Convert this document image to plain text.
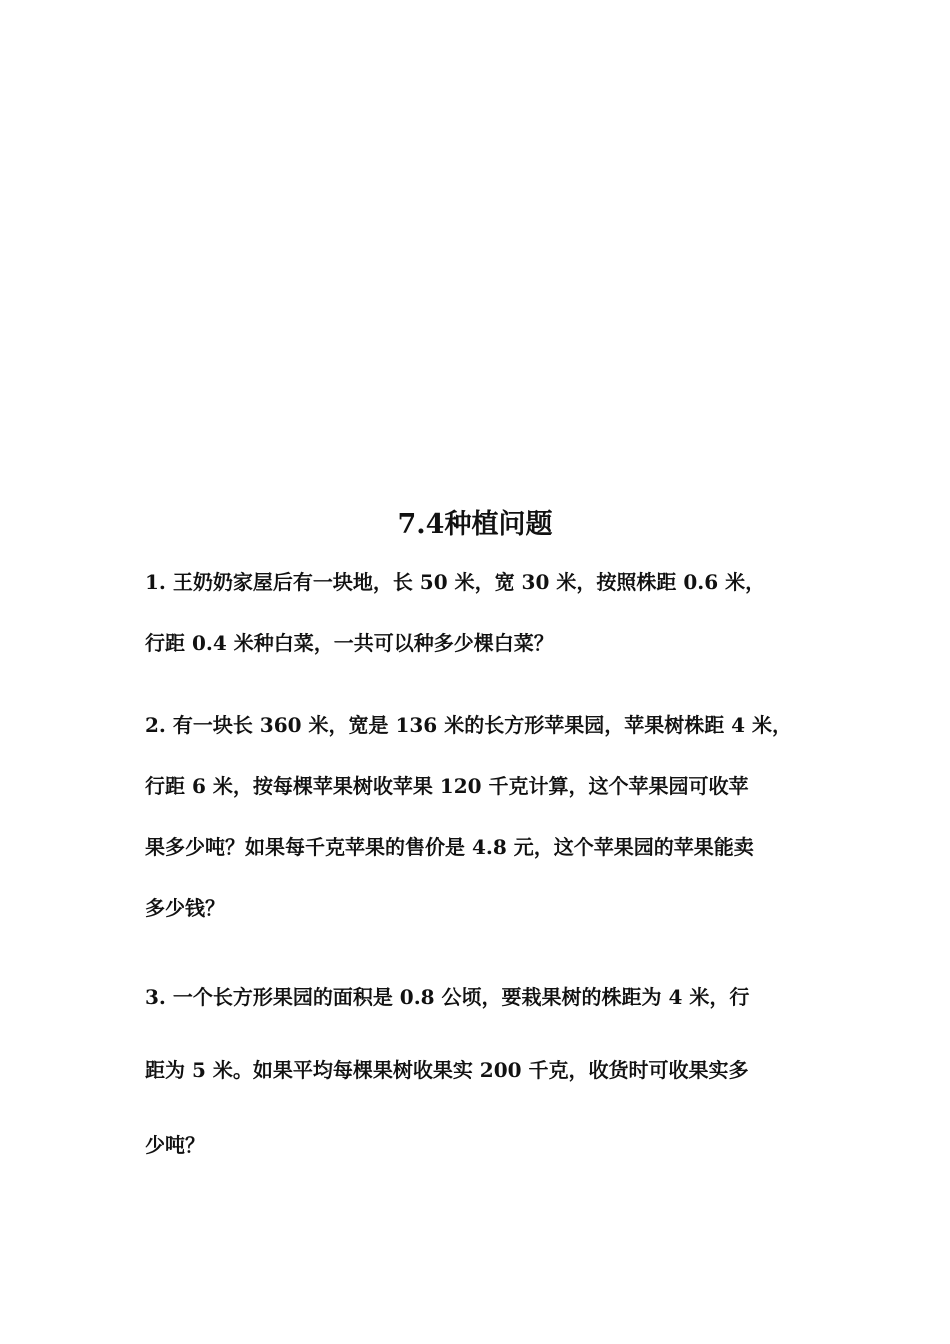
7.4种植问题
1. 王奶奶家屋后有一块地，长 50 米，宽 30 米，按照株距 0.6 米，
行距 0.4 米种白菜，一共可以种多少棵白菜？
2. 有一块长 360 米，宽是 136 米的长方形苹果园，苹果树株距 4 米，
行距 6 米，按每棵苹果树收苹果 120 千克计算，这个苹果园可收苹
果多少吨？如果每千克苹果的售价是 4.8 元，这个苹果园的苹果能卖
多少钱？
3. 一个长方形果园的面积是 0.8 公顷，要栽果树的株距为 4 米，行
距为 5 米。如果平均每棵果树收果实 200 千克，收货时可收果实多
少吨？
